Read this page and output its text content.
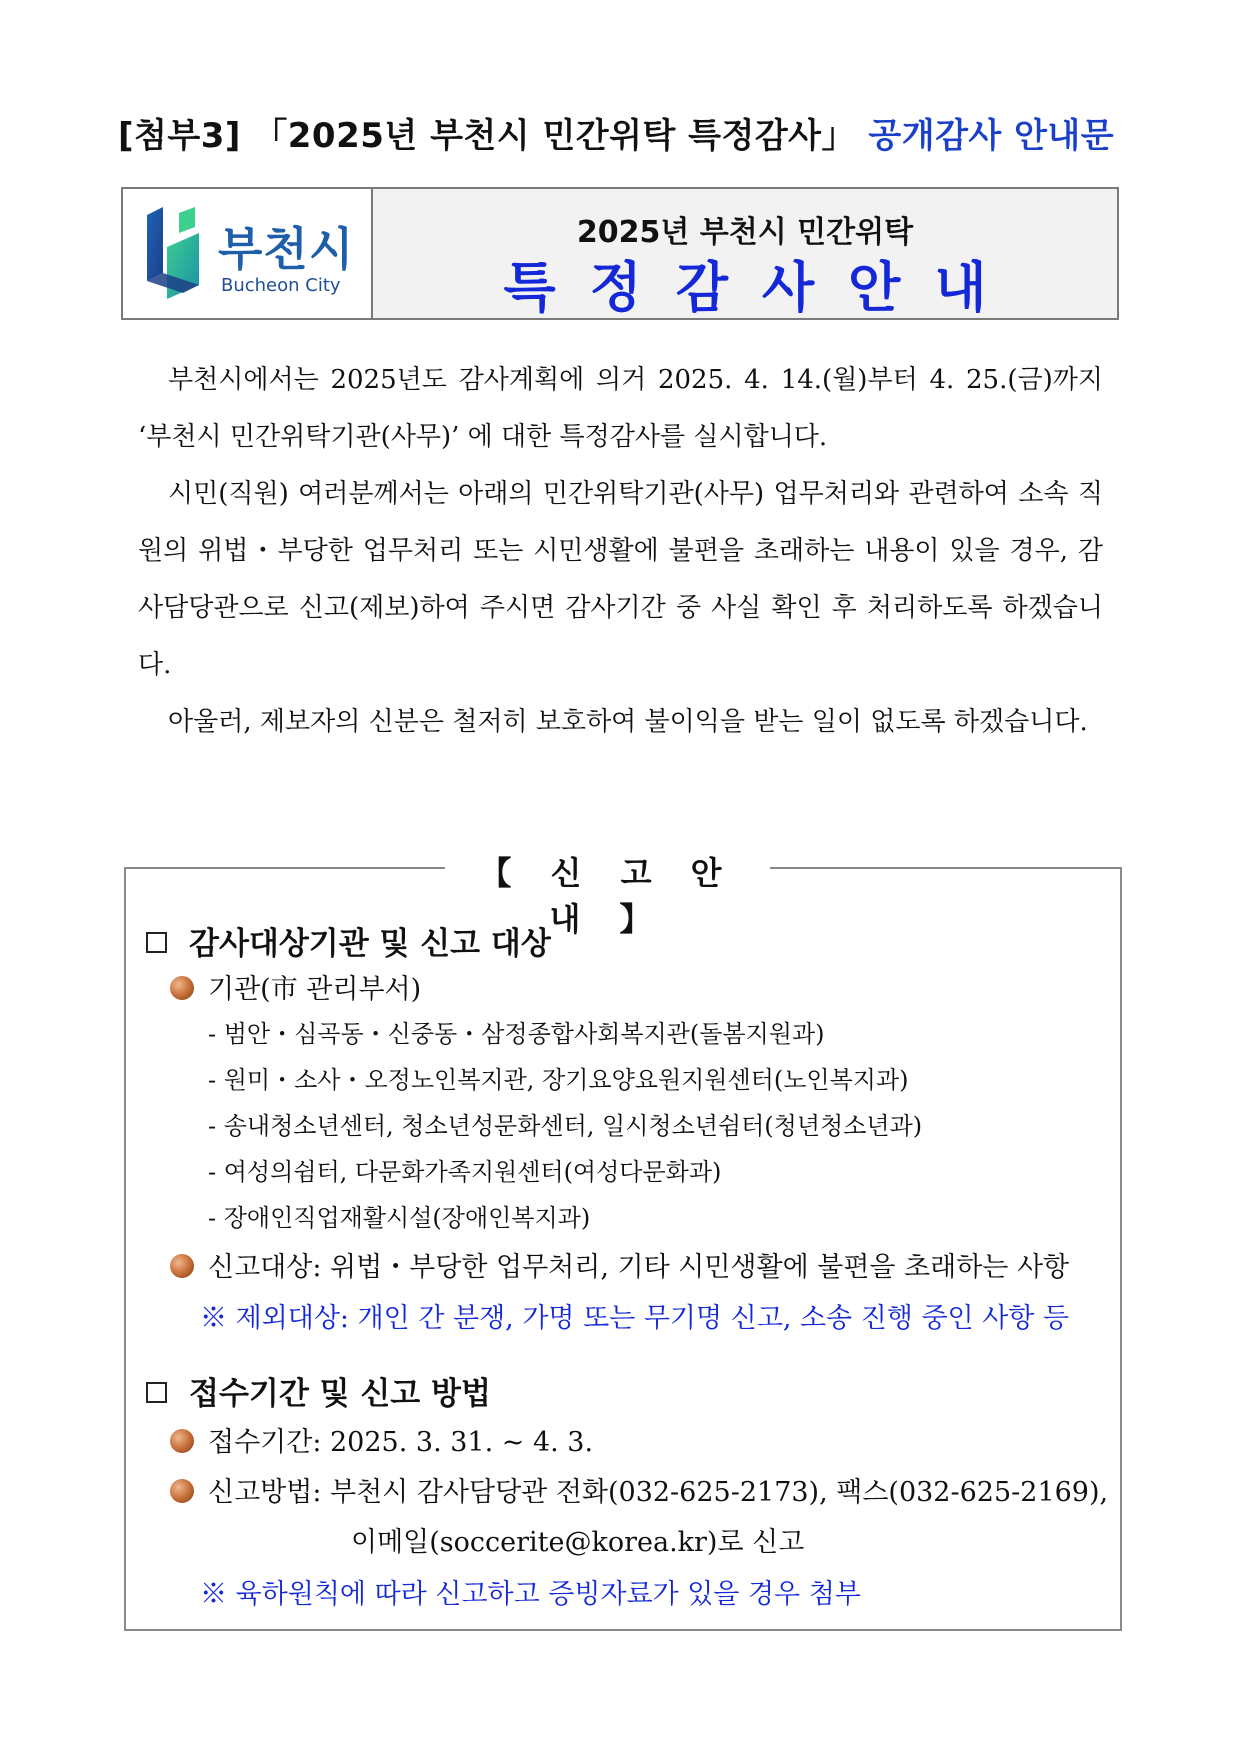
[첨부3] 「2025년 부천시 민간위탁 특정감사」 공개감사 안내문
부천시
Bucheon City
2025년 부천시 민간위탁
특정감사안내

부천시에서는 2025년도 감사계획에 의거 2025. 4. 14.(월)부터 4. 25.(금)까지 ‘부천시 민간위탁기관(사무)’ 에 대한 특정감사를 실시합니다.

시민(직원) 여러분께서는 아래의 민간위탁기관(사무) 업무처리와 관련하여 소속 직원의 위법・부당한 업무처리 또는 시민생활에 불편을 초래하는 내용이 있을 경우, 감사담당관으로 신고(제보)하여 주시면 감사기간 중 사실 확인 후 처리하도록 하겠습니다.

아울러, 제보자의 신분은 철저히 보호하여 불이익을 받는 일이 없도록 하겠습니다.

【 신 고 안 내 】
감사대상기관 및 신고 대상
기관(市 관리부서)
- 범안・심곡동・신중동・삼정종합사회복지관(돌봄지원과)
- 원미・소사・오정노인복지관, 장기요양요원지원센터(노인복지과)
- 송내청소년센터, 청소년성문화센터, 일시청소년쉼터(청년청소년과)
- 여성의쉼터, 다문화가족지원센터(여성다문화과)
- 장애인직업재활시설(장애인복지과)
신고대상: 위법・부당한 업무처리, 기타 시민생활에 불편을 초래하는 사항
※ 제외대상: 개인 간 분쟁, 가명 또는 무기명 신고, 소송 진행 중인 사항 등
접수기간 및 신고 방법
접수기간: 2025. 3. 31. ~ 4. 3.
신고방법: 부천시 감사담당관 전화(032-625-2173), 팩스(032-625-2169),
이메일(soccerite@korea.kr)로 신고
※ 육하원칙에 따라 신고하고 증빙자료가 있을 경우 첨부
